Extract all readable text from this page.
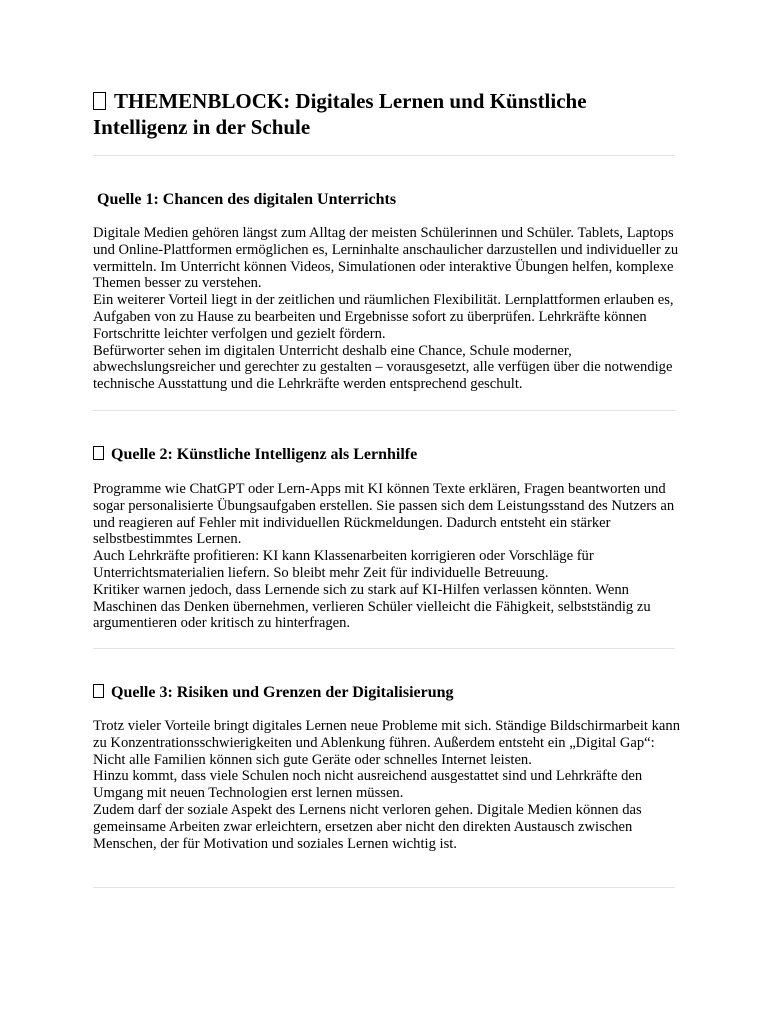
THEMENBLOCK: Digitales Lernen und Künstliche Intelligenz in der Schule
Quelle 1: Chancen des digitalen Unterrichts

Digitale Medien gehören längst zum Alltag der meisten Schülerinnen und Schüler. Tablets, Laptops und Online-Plattformen ermöglichen es, Lerninhalte anschaulicher darzustellen und individueller zu vermitteln. Im Unterricht können Videos, Simulationen oder interaktive Übungen helfen, komplexe Themen besser zu verstehen.

Ein weiterer Vorteil liegt in der zeitlichen und räumlichen Flexibilität. Lernplattformen erlauben es, Aufgaben von zu Hause zu bearbeiten und Ergebnisse sofort zu überprüfen. Lehrkräfte können Fortschritte leichter verfolgen und gezielt fördern.

Befürworter sehen im digitalen Unterricht deshalb eine Chance, Schule moderner, abwechslungsreicher und gerechter zu gestalten – vorausgesetzt, alle verfügen über die notwendige technische Ausstattung und die Lehrkräfte werden entsprechend geschult.

Quelle 2: Künstliche Intelligenz als Lernhilfe

Programme wie ChatGPT oder Lern-Apps mit KI können Texte erklären, Fragen beantworten und sogar personalisierte Übungsaufgaben erstellen. Sie passen sich dem Leistungsstand des Nutzers an und reagieren auf Fehler mit individuellen Rückmeldungen. Dadurch entsteht ein stärker selbstbestimmtes Lernen.

Auch Lehrkräfte profitieren: KI kann Klassenarbeiten korrigieren oder Vorschläge für Unterrichtsmaterialien liefern. So bleibt mehr Zeit für individuelle Betreuung.

Kritiker warnen jedoch, dass Lernende sich zu stark auf KI-Hilfen verlassen könnten. Wenn Maschinen das Denken übernehmen, verlieren Schüler vielleicht die Fähigkeit, selbstständig zu argumentieren oder kritisch zu hinterfragen.

Quelle 3: Risiken und Grenzen der Digitalisierung

Trotz vieler Vorteile bringt digitales Lernen neue Probleme mit sich. Ständige Bildschirmarbeit kann zu Konzentrationsschwierigkeiten und Ablenkung führen. Außerdem entsteht ein „Digital Gap“: Nicht alle Familien können sich gute Geräte oder schnelles Internet leisten.

Hinzu kommt, dass viele Schulen noch nicht ausreichend ausgestattet sind und Lehrkräfte den Umgang mit neuen Technologien erst lernen müssen.

Zudem darf der soziale Aspekt des Lernens nicht verloren gehen. Digitale Medien können das gemeinsame Arbeiten zwar erleichtern, ersetzen aber nicht den direkten Austausch zwischen Menschen, der für Motivation und soziales Lernen wichtig ist.
